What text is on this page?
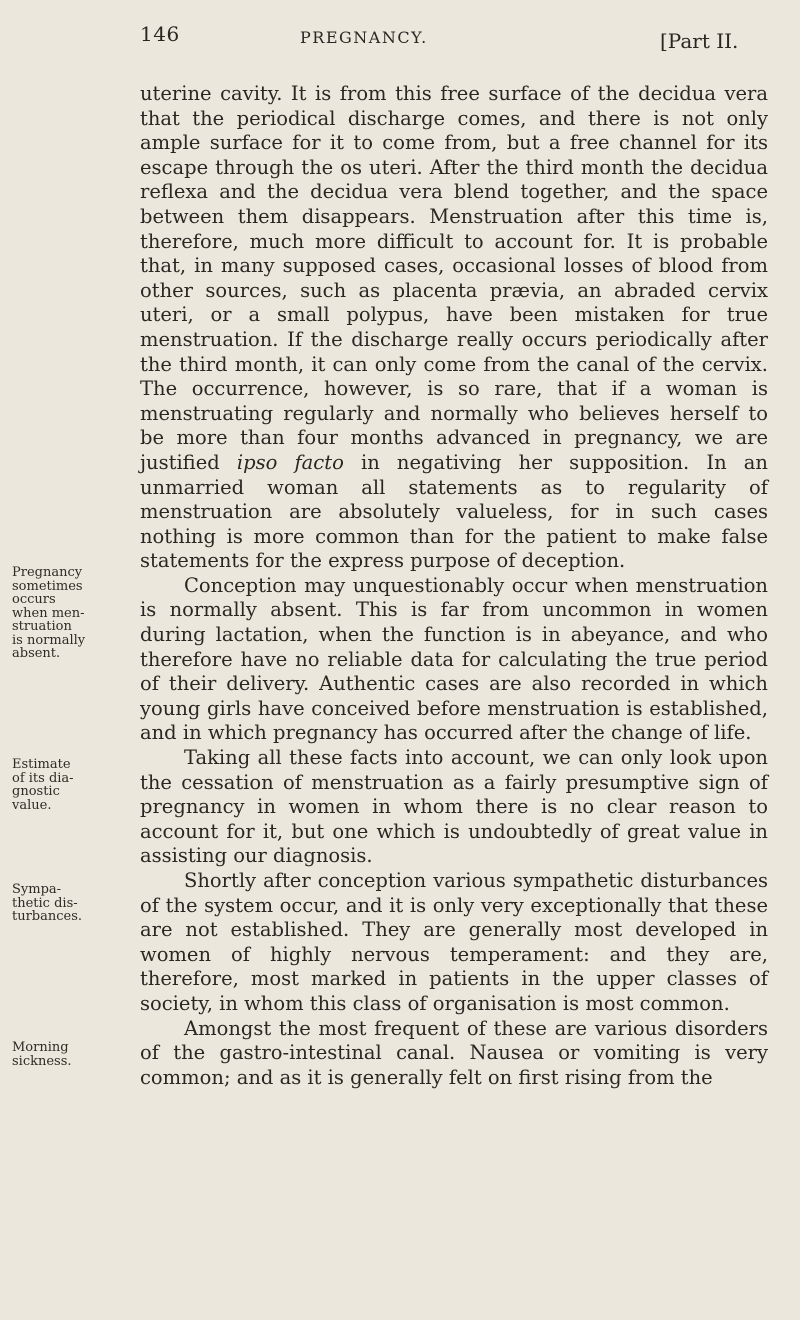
146	PREGNANCY.	[Part II.

uterine cavity. It is from this free surface of the decidua vera that the periodical discharge comes, and there is not only ample surface for it to come from, but a free channel for its escape through the os uteri. After the third month the decidua reflexa and the decidua vera blend together, and the space between them disappears. Menstruation after this time is, therefore, much more difficult to account for. It is probable that, in many supposed cases, occasional losses of blood from other sources, such as placenta prævia, an abraded cervix uteri, or a small polypus, have been mistaken for true menstruation. If the discharge really occurs periodically after the third month, it can only come from the canal of the cervix. The occurrence, however, is so rare, that if a woman is menstruating regularly and normally who believes herself to be more than four months advanced in pregnancy, we are justified ipso facto in negativing her supposition. In an unmarried woman all statements as to regularity of menstruation are absolutely valueless, for in such cases nothing is more common than for the patient to make false statements for the express purpose of deception.

Conception may unquestionably occur when menstruation is normally absent. This is far from uncommon in women during lactation, when the function is in abeyance, and who therefore have no reliable data for calculating the true period of their delivery. Authentic cases are also recorded in which young girls have conceived before menstruation is established, and in which pregnancy has occurred after the change of life.

Taking all these facts into account, we can only look upon the cessation of menstruation as a fairly presumptive sign of pregnancy in women in whom there is no clear reason to account for it, but one which is undoubtedly of great value in assisting our diagnosis.

Shortly after conception various sympathetic disturbances of the system occur, and it is only very exceptionally that these are not established. They are generally most developed in women of highly nervous temperament: and they are, therefore, most marked in patients in the upper classes of society, in whom this class of organisation is most common.

Amongst the most frequent of these are various disorders of the gastro-intestinal canal. Nausea or vomiting is very common; and as it is generally felt on first rising from the

Pregnancy
sometimes
occurs
when men-
struation
is normally
absent.
Estimate
of its dia-
gnostic
value.
Sympa-
thetic dis-
turbances.
Morning
sickness.
